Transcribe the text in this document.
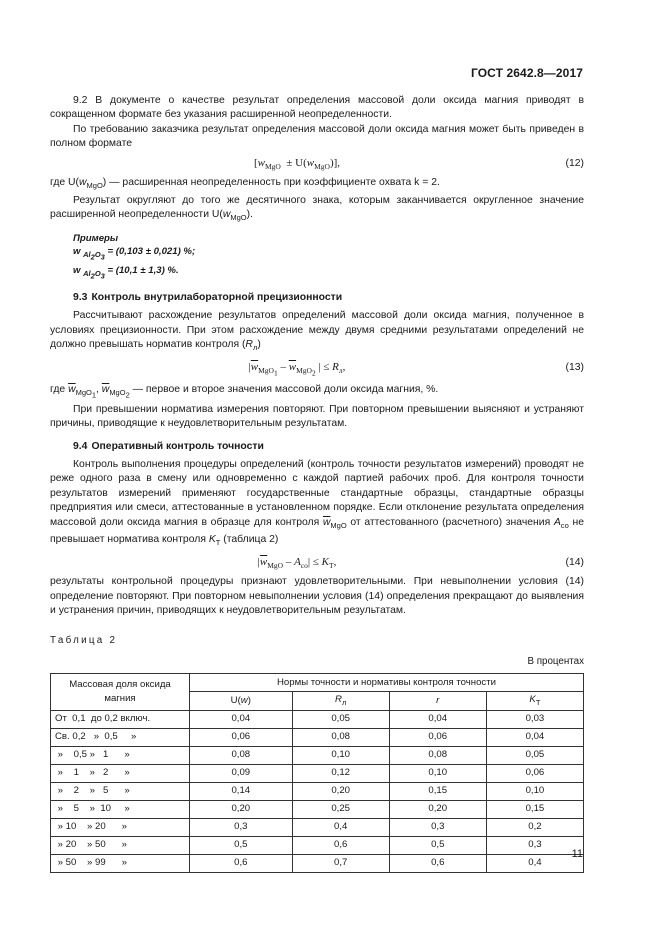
ГОСТ 2642.8—2017

9.2 В документе о качестве результат определения массовой доли оксида магния приводят в сокращенном формате без указания расширенной неопределенности.

По требованию заказчика результат определения массовой доли оксида магния может быть приведен в полном формате

$[w_{MgO} \pm U(w_{MgO})]$,	(12)

где $U(w_{MgO})$ — расширенная неопределенность при коэффициенте охвата k = 2.

Результат округляют до того же десятичного знака, которым заканчивается округленное значение расширенной неопределенности $U(w_{MgO})$.

Примеры
w $_{Al_2O_3}$ = (0,103 ± 0,021) %;
w $_{Al_2O_3}$ = (10,1 ± 1,3) %.
9.3 Контроль внутрилабораторной прецизионности

Рассчитывают расхождение результатов определений массовой доли оксида магния, полученное в условиях прецизионности. При этом расхождение между двумя средними результатами определений не должно превышать норматив контроля $(R_л)$

$|\overline{w}_{MgO_1} - \overline{w}_{MgO_2}$ | ≤ $R_л$,	(13)

где $\overline{w}_{MgO_1}$, $\overline{w}_{MgO_2}$ — первое и второе значения массовой доли оксида магния, %.

При превышении норматива измерения повторяют. При повторном превышении выясняют и устраняют причины, приводящие к неудовлетворительным результатам.

9.4 Оперативный контроль точности

Контроль выполнения процедуры определений (контроль точности результатов измерений) проводят не реже одного раза в смену или одновременно с каждой партией рабочих проб. Для контроля точности результатов измерений применяют государственные стандартные образцы, стандартные образцы предприятия или смеси, аттестованные в установленном порядке. Если отклонение результата определения массовой доли оксида магния в образце для контроля $\overline{w}_{MgO}$ от аттестованного (расчетного) значения $A_{со}$ не превышает норматива контроля $K_T$ (таблица 2)

$|\overline{w}_{MgO} - A_{со}| \le K_T$,	(14)

результаты контрольной процедуры признают удовлетворительными. При невыполнении условия (14) определение повторяют. При повторном невыполнении условия (14) определения прекращают до выявления и устранения причин, приводящих к неудовлетворительным результатам.

Таблица 2
В процентах
Массовая доля оксида магния	Нормы точности и нормативы контроля точности			
	U(w)	$R_л$	r	$K_T$
От  0,1  до 0,2 включ.	0,04	0,05	0,04	0,03
Св. 0,2   »  0,5     »	0,06	0,08	0,06	0,04
»    0,5 »   1      »	0,08	0,10	0,08	0,05
»    1    »   2      »	0,09	0,12	0,10	0,06
»    2    »   5      »	0,14	0,20	0,15	0,10
»    5    »  10     »	0,20	0,25	0,20	0,15
» 10    » 20      »	0,3	0,4	0,3	0,2
» 20    » 50      »	0,5	0,6	0,5	0,3
» 50    » 99      »	0,6	0,7	0,6	0,4
11
